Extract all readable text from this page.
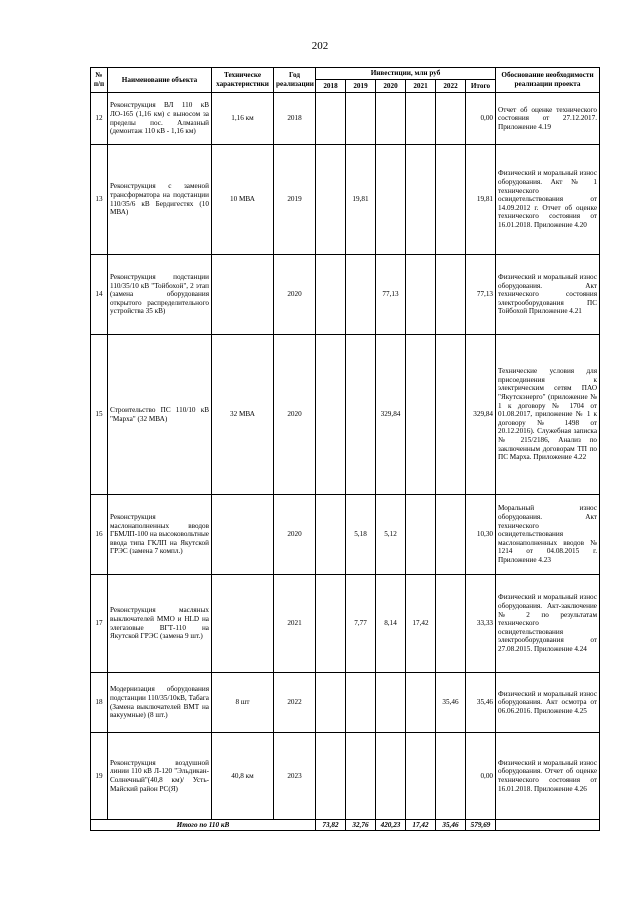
202
№ п/п	Наименование объекта	Техническе характеристики	Год реализации	Инвестиции, млн руб						Обоснование необходимости реализации проекта
				2018	2019	2020	2021	2022	Итого	
12	Реконструкция ВЛ 110 кВ ЛО-165 (1,16 км) с выносом за пределы пос. Алмазный (демонтаж 110 кВ - 1,16 км)	1,16 км	2018						0,00	Отчет об оценке технического состояния от 27.12.2017. Приложение 4.19
13	Реконструкция с заменой трансформатора на подстанции 110/35/6 кВ Бердигестях (10 МВА)	10 МВА	2019		19,81				19,81	Физический и моральный износ оборудования. Акт № 1 технического освидетельствования от 14.09.2012 г. Отчет об оценке технического состояния от 16.01.2018. Приложение 4.20
14	Реконструкция подстанции 110/35/10 кВ "Тойбохой", 2 этап (замена оборудования открытого распределительного устройства 35 кВ)		2020			77,13			77,13	Физический и моральный износ оборудования. Акт технического состояния электрооборудования ПС Тойбохой Приложение 4.21
15	Строительство ПС 110/10 кВ "Марха" (32 МВА)	32 МВА	2020			329,84			329,84	Технические условия для присоединения к электрическим сетям ПАО "Якутскэнерго" (приложение № 1 к договору № 1704 от 01.08.2017, приложение № 1 к договору № 1498 от 20.12.2016). Служебная записка № 215/2186, Анализ по заключенным договорам ТП по ПС Марха. Приложение 4.22
16	Реконструкция маслонаполненных вводов ГБМЛП-100 на высоковольтные ввода типа ГКЛП на Якутской ГРЭС (замена 7 компл.)		2020		5,18	5,12			10,30	Моральный износ оборудования. Акт технического освидетельствования маслонаполненных вводов № 1214 от 04.08.2015 г. Приложение 4.23
17	Реконструкция масляных выключателей ММО и HLD на элегазовые ВГТ-110 на Якутской ГРЭС (замена 9 шт.)		2021		7,77	8,14	17,42		33,33	Физический и моральный износ оборудования. Акт-заключение № 2 по результатам технического освидетельствования электрооборудования от 27.08.2015. Приложение 4.24
18	Модернизация оборудования подстанции 110/35/10кВ, Табага (Замена выключателей ВМТ на вакуумные) (8 шт.)	8 шт	2022					35,46	35,46	Физический и моральный износ оборудования. Акт осмотра от 06.06.2016. Приложение 4.25
19	Реконструкция воздушной линии 110 кВ Л-120 "Эльдикан-Солнечный"(40,8 км)/ Усть-Майский район РС(Я)	40,8 км	2023						0,00	Физический и моральный износ оборудования. Отчет об оценке технического состояния от 16.01.2018. Приложение 4.26
Итого по 110 кВ				73,82	32,76	420,23	17,42	35,46	579,69	
